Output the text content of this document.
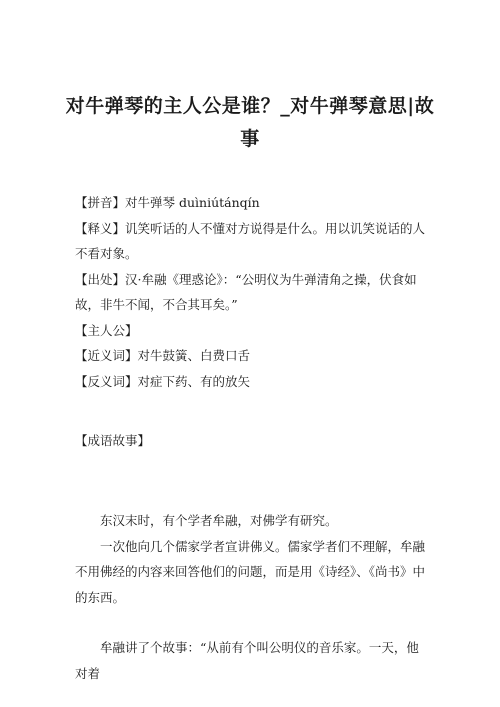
对牛弹琴的主人公是谁？_对牛弹琴意思|故事

【拼音】对牛弹琴 duìniútánqín

【释义】讥笑听话的人不懂对方说得是什么。用以讥笑说话的人不看对象。

【出处】汉·牟融《理惑论》：“公明仪为牛弹清角之操，伏食如故，非牛不闻，不合其耳矣。”

【主人公】

【近义词】对牛鼓簧、白费口舌

【反义词】对症下药、有的放矢

【成语故事】

东汉末时，有个学者牟融，对佛学有研究。

一次他向几个儒家学者宣讲佛义。儒家学者们不理解，牟融不用佛经的内容来回答他们的问题，而是用《诗经》、《尚书》中的东西。

牟融讲了个故事：“从前有个叫公明仪的音乐家。一天，他对着
